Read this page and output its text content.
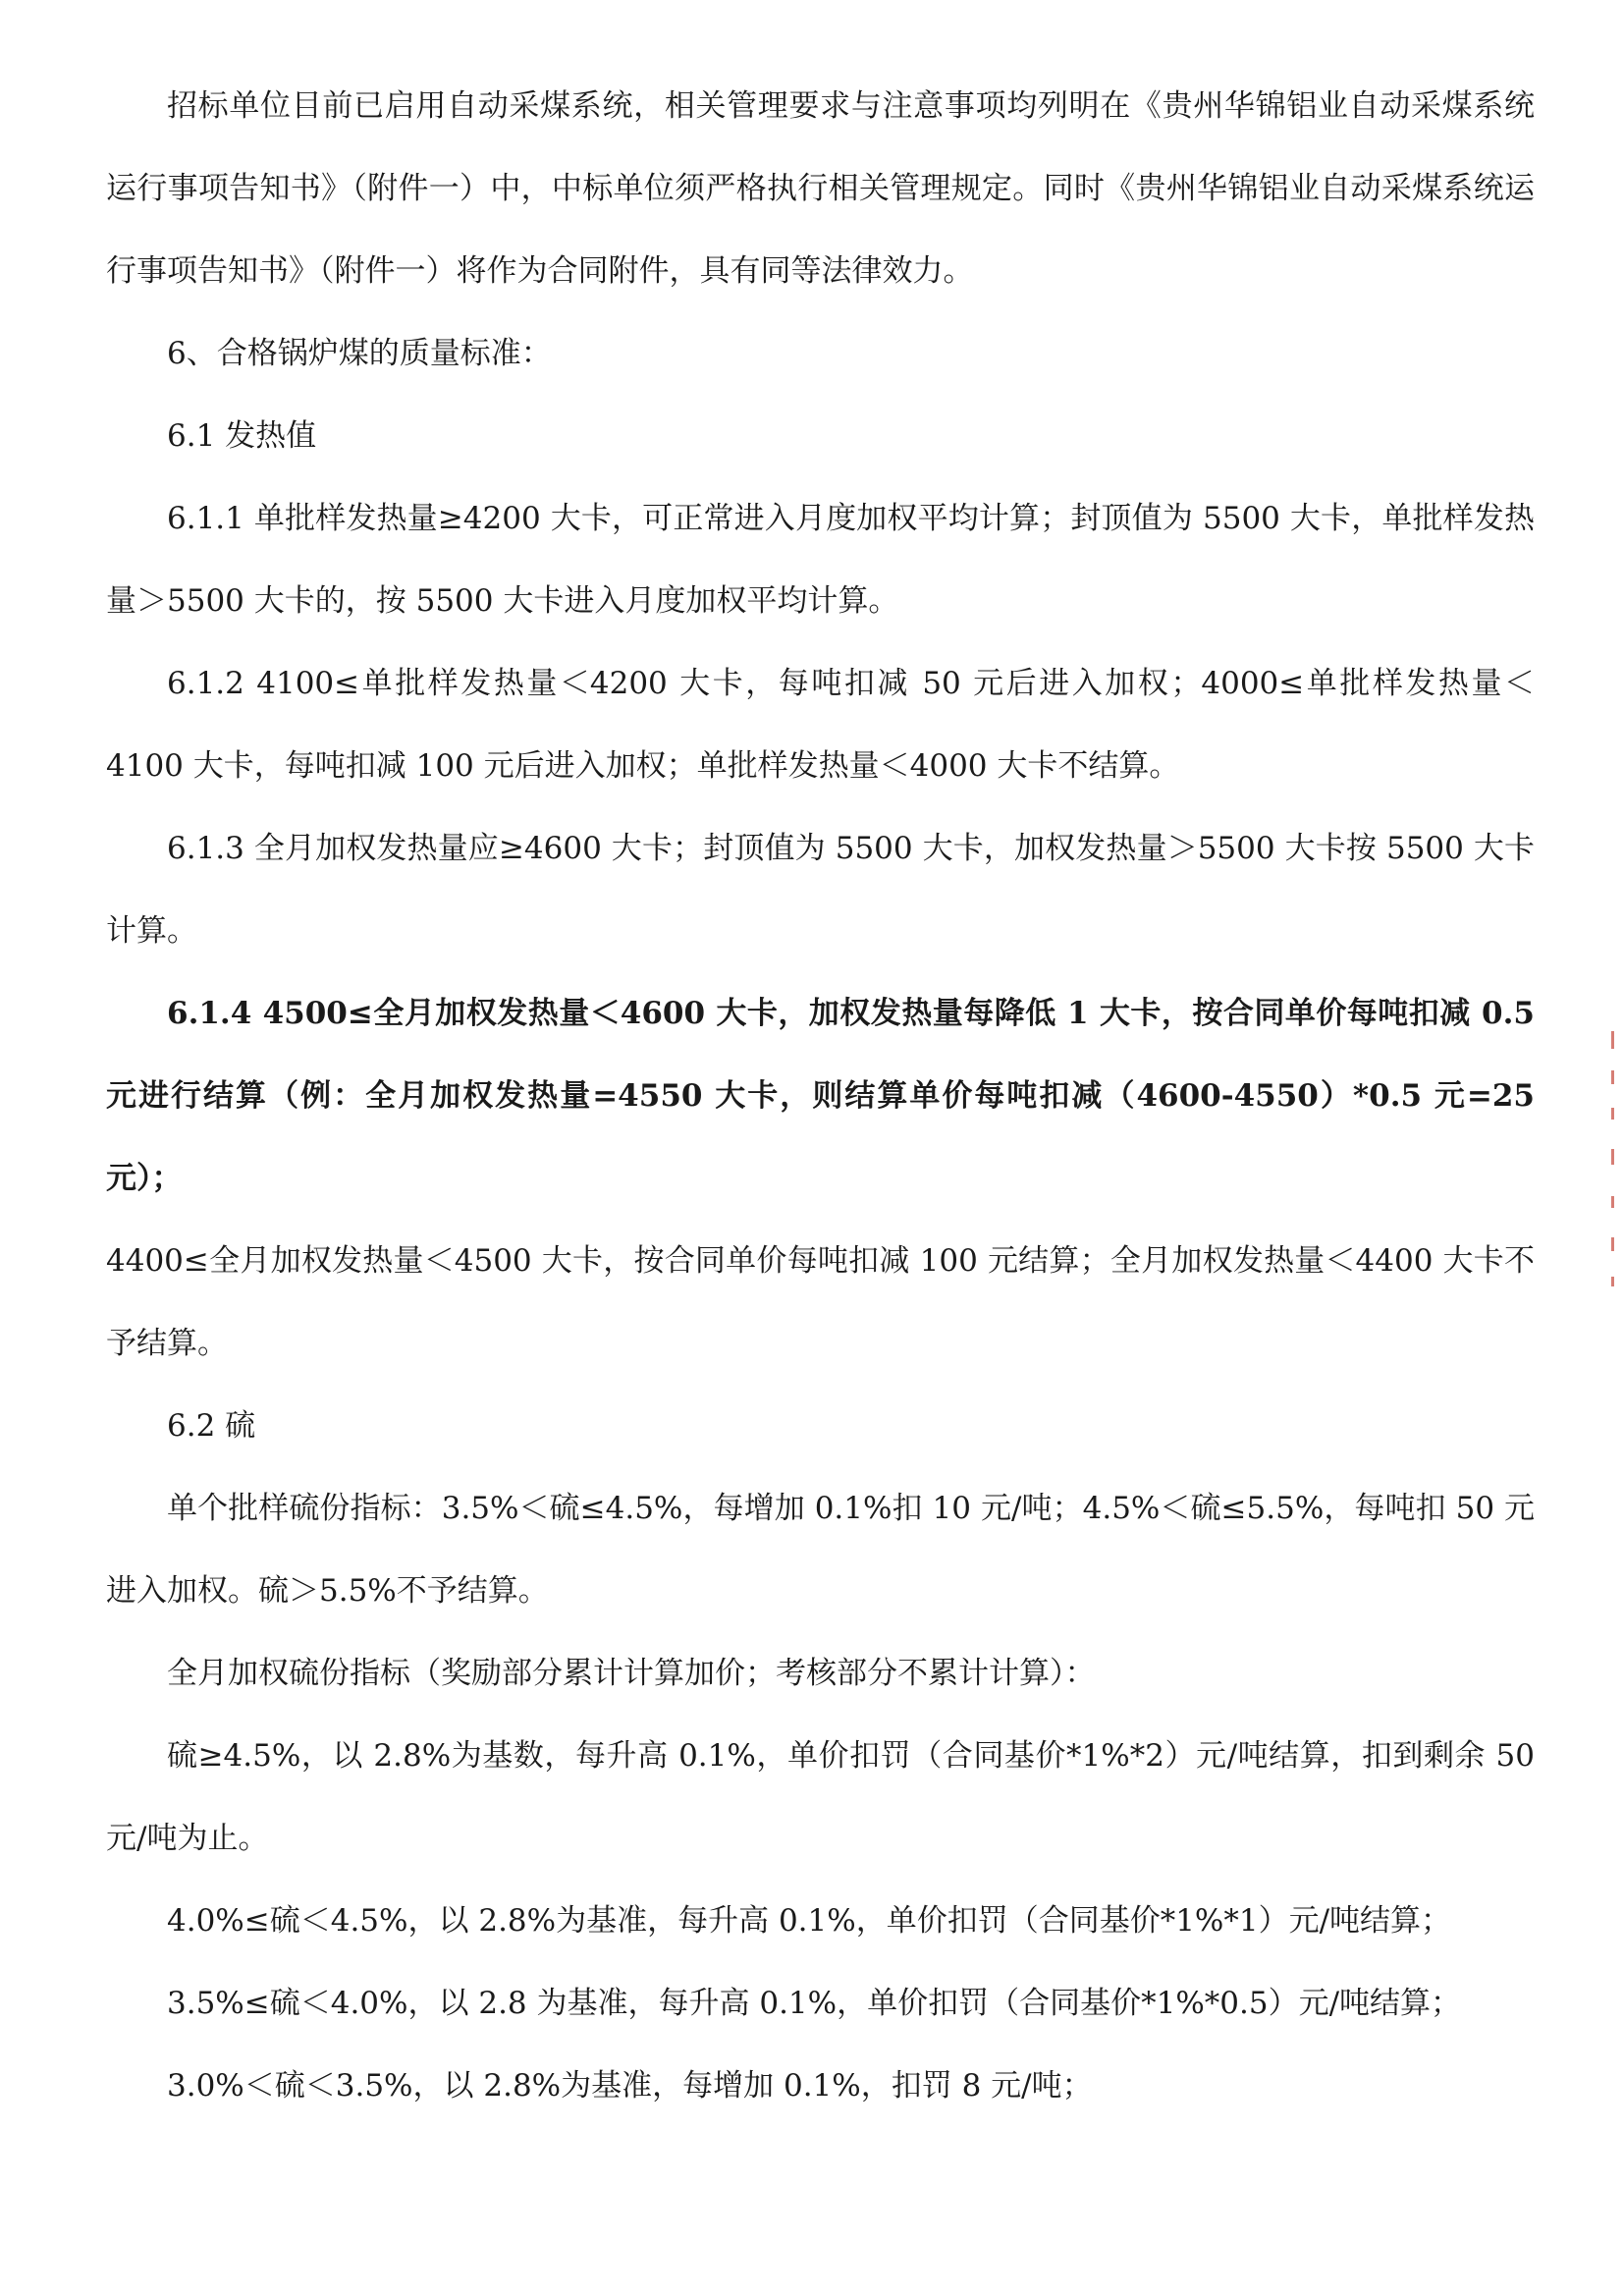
招标单位目前已启用自动采煤系统，相关管理要求与注意事项均列明在《贵州华锦铝业自动采煤系统运行事项告知书》（附件一）中，中标单位须严格执行相关管理规定。同时《贵州华锦铝业自动采煤系统运行事项告知书》（附件一）将作为合同附件，具有同等法律效力。

6、合格锅炉煤的质量标准：

6.1 发热值

6.1.1 单批样发热量≥4200 大卡，可正常进入月度加权平均计算；封顶值为 5500 大卡，单批样发热量＞5500 大卡的，按 5500 大卡进入月度加权平均计算。

6.1.2 4100≤单批样发热量＜4200 大卡，每吨扣减 50 元后进入加权；4000≤单批样发热量＜4100 大卡，每吨扣减 100 元后进入加权；单批样发热量＜4000 大卡不结算。

6.1.3 全月加权发热量应≥4600 大卡；封顶值为 5500 大卡，加权发热量＞5500 大卡按 5500 大卡计算。

6.1.4 4500≤全月加权发热量＜4600 大卡，加权发热量每降低 1 大卡，按合同单价每吨扣减 0.5 元进行结算（例：全月加权发热量=4550 大卡，则结算单价每吨扣减（4600-4550）*0.5 元=25 元）；

4400≤全月加权发热量＜4500 大卡，按合同单价每吨扣减 100 元结算；全月加权发热量＜4400 大卡不予结算。

6.2 硫

单个批样硫份指标：3.5%＜硫≤4.5%，每增加 0.1%扣 10 元/吨；4.5%＜硫≤5.5%，每吨扣 50 元进入加权。硫＞5.5%不予结算。

全月加权硫份指标（奖励部分累计计算加价；考核部分不累计计算）：

硫≥4.5%，以 2.8%为基数，每升高 0.1%，单价扣罚（合同基价*1%*2）元/吨结算，扣到剩余 50 元/吨为止。

4.0%≤硫＜4.5%，以 2.8%为基准，每升高 0.1%，单价扣罚（合同基价*1%*1）元/吨结算；

3.5%≤硫＜4.0%，以 2.8 为基准，每升高 0.1%，单价扣罚（合同基价*1%*0.5）元/吨结算；

3.0%＜硫＜3.5%，以 2.8%为基准，每增加 0.1%，扣罚 8 元/吨；
